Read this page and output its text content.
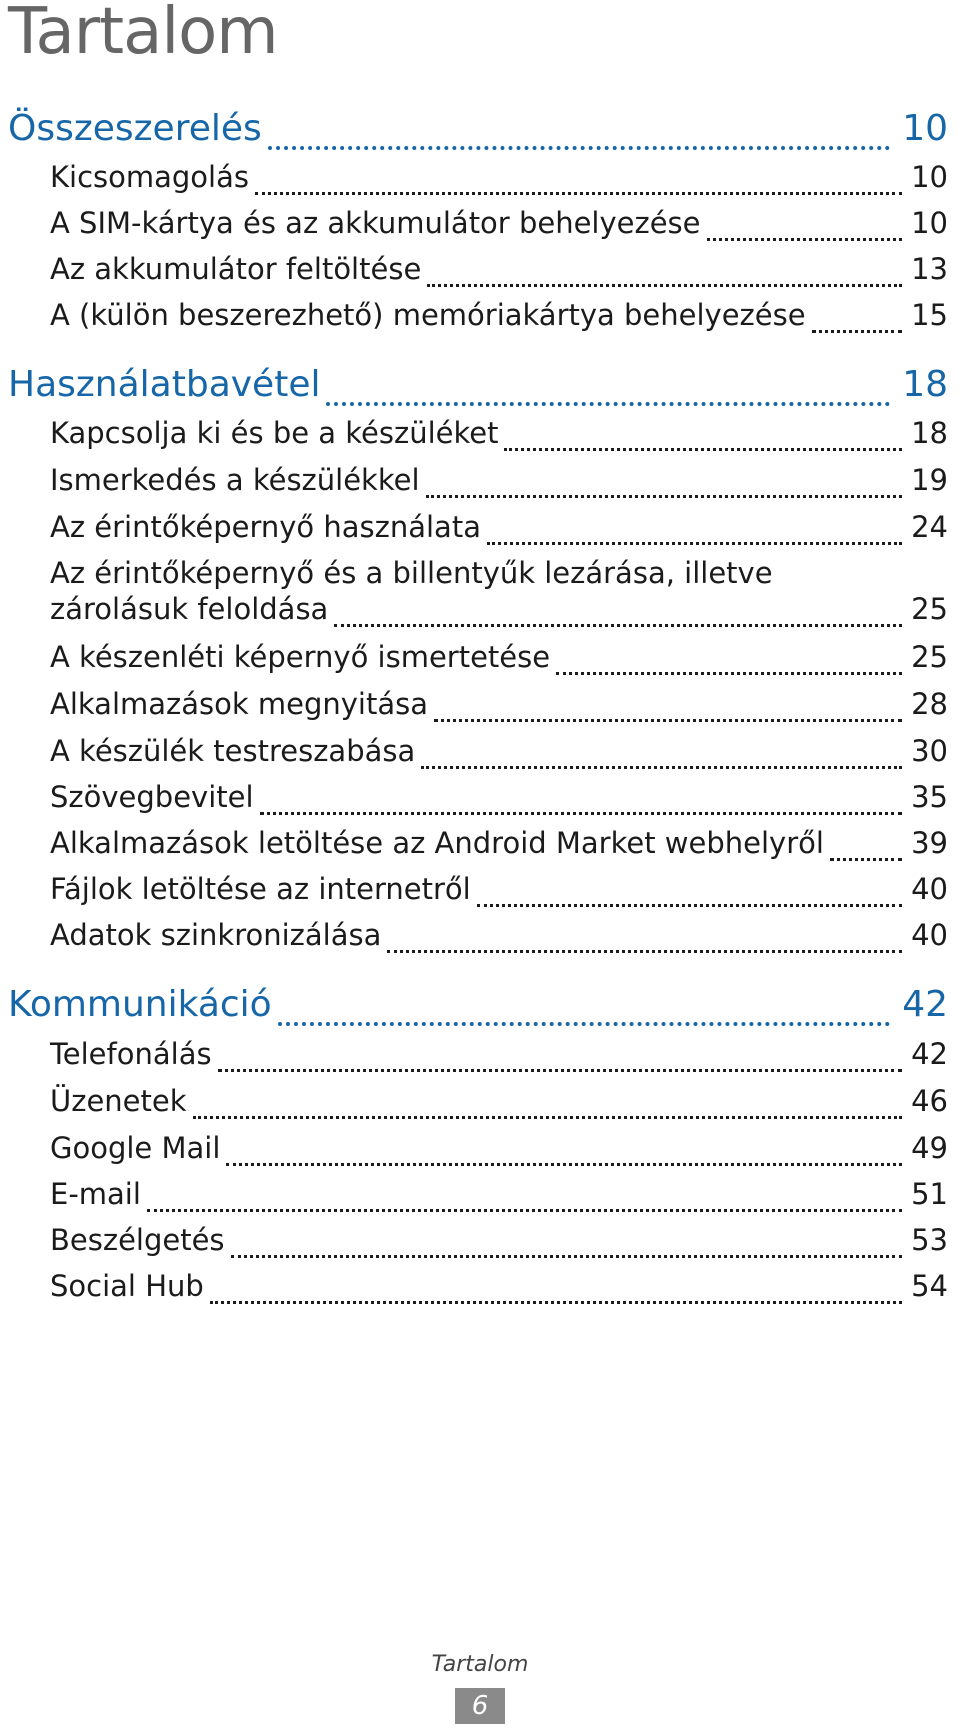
Tartalom
Összeszerelés	10
Kicsomagolás	10
A SIM-kártya és az akkumulátor behelyezése	10
Az akkumulátor feltöltése	13
A (külön beszerezhető) memóriakártya behelyezése	15
Használatbavétel	18
Kapcsolja ki és be a készüléket	18
Ismerkedés a készülékkel	19
Az érintőképernyő használata	24
Az érintőképernyő és a billentyűk lezárása, illetve
zárolásuk feloldása	25
A készenléti képernyő ismertetése	25
Alkalmazások megnyitása	28
A készülék testreszabása	30
Szövegbevitel	35
Alkalmazások letöltése az Android Market webhelyről	39
Fájlok letöltése az internetről	40
Adatok szinkronizálása	40
Kommunikáció	42
Telefonálás	42
Üzenetek	46
Google Mail	49
E-mail	51
Beszélgetés	53
Social Hub	54
Tartalom
6
